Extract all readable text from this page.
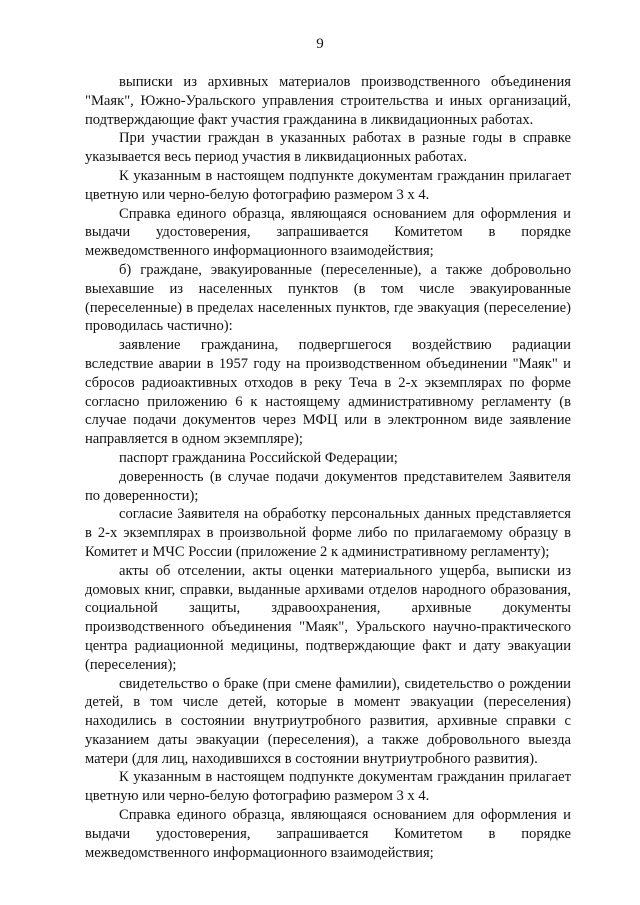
9

выписки из архивных материалов производственного объединения "Маяк", Южно-Уральского управления строительства и иных организаций, подтверждающие факт участия гражданина в ликвидационных работах.

При участии граждан в указанных работах в разные годы в справке указывается весь период участия в ликвидационных работах.

К указанным в настоящем подпункте документам гражданин прилагает цветную или черно-белую фотографию размером 3 х 4.

Справка единого образца, являющаяся основанием для оформления и выдачи удостоверения, запрашивается Комитетом в порядке межведомственного информационного взаимодействия;

б) граждане, эвакуированные (переселенные), а также добровольно выехавшие из населенных пунктов (в том числе эвакуированные (переселенные) в пределах населенных пунктов, где эвакуация (переселение) проводилась частично):

заявление гражданина, подвергшегося воздействию радиации вследствие аварии в 1957 году на производственном объединении "Маяк" и сбросов радиоактивных отходов в реку Теча в 2-х экземплярах по форме согласно приложению 6 к настоящему административному регламенту (в случае подачи документов через МФЦ или в электронном виде заявление направляется в одном экземпляре);

паспорт гражданина Российской Федерации;

доверенность (в случае подачи документов представителем Заявителя по доверенности);

согласие Заявителя на обработку персональных данных представляется в 2-х экземплярах в произвольной форме либо по прилагаемому образцу в Комитет и МЧС России (приложение 2 к административному регламенту);

акты об отселении, акты оценки материального ущерба, выписки из домовых книг, справки, выданные архивами отделов народного образования, социальной защиты, здравоохранения, архивные документы производственного объединения "Маяк", Уральского научно-практического центра радиационной медицины, подтверждающие факт и дату эвакуации (переселения);

свидетельство о браке (при смене фамилии), свидетельство о рождении детей, в том числе детей, которые в момент эвакуации (переселения) находились в состоянии внутриутробного развития, архивные справки с указанием даты эвакуации (переселения), а также добровольного выезда матери (для лиц, находившихся в состоянии внутриутробного развития).

К указанным в настоящем подпункте документам гражданин прилагает цветную или черно-белую фотографию размером 3 х 4.

Справка единого образца, являющаяся основанием для оформления и выдачи удостоверения, запрашивается Комитетом в порядке межведомственного информационного взаимодействия;
